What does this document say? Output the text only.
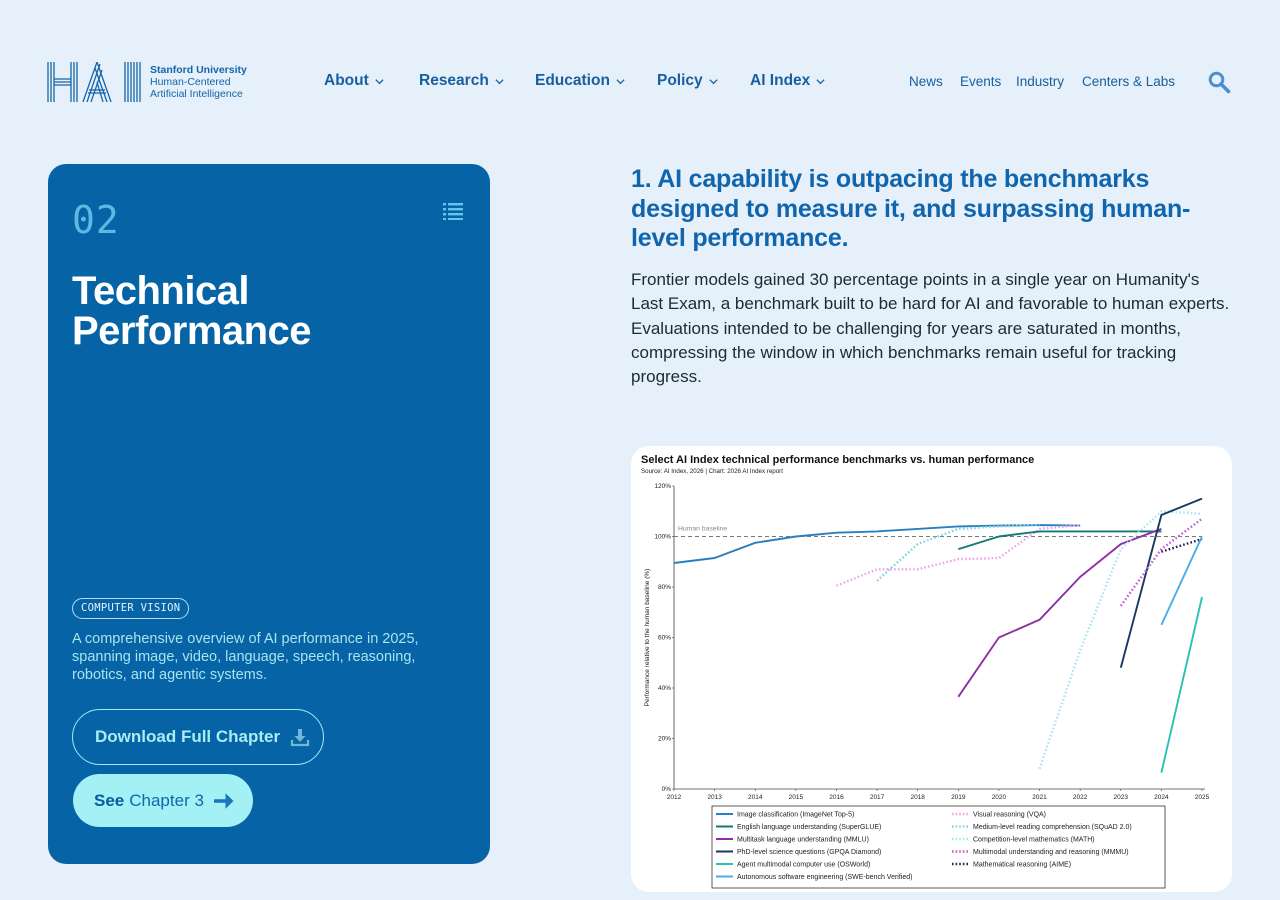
Stanford University
Human-Centered
Artificial Intelligence
About	Research	Education	Policy	AI Index	News Events Industry Centers & Labs
02
Technical Performance
COMPUTER VISION

A comprehensive overview of AI performance in 2025, spanning image, video, language, speech, reasoning, robotics, and agentic systems.

Download Full Chapter
See Chapter 3
1. AI capability is outpacing the benchmarks designed to measure it, and surpassing human-level performance.

Frontier models gained 30 percentage points in a single year on Humanity's Last Exam, a benchmark built to be hard for AI and favorable to human experts. Evaluations intended to be challenging for years are saturated in months, compressing the window in which benchmarks remain useful for tracking progress.

Select AI Index technical performance benchmarks vs. human performance
Source: AI Index, 2026 | Chart: 2026 AI Index report
0%
20%
40%
60%
80%
100%
120%
2012	2013	2014	2015	2016	2017	2018	2019	2020	2021	2022	2023	2024	2025
Performance relative to the human baseline (%)
Human baseline
Image classification (ImageNet Top-5)	Visual reasoning (VQA)
English language understanding (SuperGLUE)	Medium-level reading comprehension (SQuAD 2.0)
Multitask language understanding (MMLU)	Competition-level mathematics (MATH)
PhD-level science questions (GPQA Diamond)	Multimodal understanding and reasoning (MMMU)
Agent multimodal computer use (OSWorld)	Mathematical reasoning (AIME)
Autonomous software engineering (SWE-bench Verified)
